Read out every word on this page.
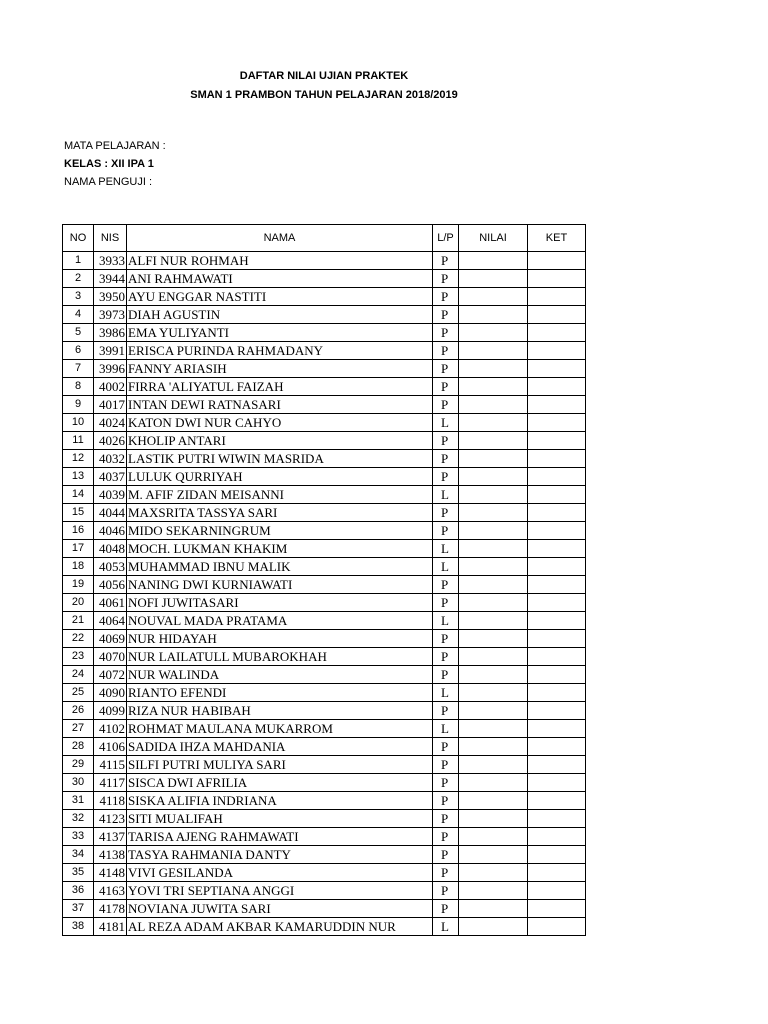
DAFTAR NILAI UJIAN PRAKTEK
SMAN 1 PRAMBON TAHUN PELAJARAN 2018/2019
MATA PELAJARAN :
KELAS : XII IPA 1
NAMA PENGUJI :
NO	NIS	NAMA	L/P	NILAI	KET
1	3933	ALFI NUR ROHMAH	P		
2	3944	ANI RAHMAWATI	P		
3	3950	AYU ENGGAR NASTITI	P		
4	3973	DIAH AGUSTIN	P		
5	3986	EMA YULIYANTI	P		
6	3991	ERISCA PURINDA RAHMADANY	P		
7	3996	FANNY ARIASIH	P		
8	4002	FIRRA 'ALIYATUL FAIZAH	P		
9	4017	INTAN DEWI RATNASARI	P		
10	4024	KATON DWI NUR CAHYO	L		
11	4026	KHOLIP ANTARI	P		
12	4032	LASTIK PUTRI WIWIN MASRIDA	P		
13	4037	LULUK QURRIYAH	P		
14	4039	M. AFIF ZIDAN MEISANNI	L		
15	4044	MAXSRITA TASSYA SARI	P		
16	4046	MIDO SEKARNINGRUM	P		
17	4048	MOCH. LUKMAN KHAKIM	L		
18	4053	MUHAMMAD IBNU MALIK	L		
19	4056	NANING DWI KURNIAWATI	P		
20	4061	NOFI JUWITASARI	P		
21	4064	NOUVAL MADA PRATAMA	L		
22	4069	NUR HIDAYAH	P		
23	4070	NUR LAILATULL MUBAROKHAH	P		
24	4072	NUR WALINDA	P		
25	4090	RIANTO EFENDI	L		
26	4099	RIZA NUR HABIBAH	P		
27	4102	ROHMAT MAULANA MUKARROM	L		
28	4106	SADIDA IHZA MAHDANIA	P		
29	4115	SILFI PUTRI MULIYA SARI	P		
30	4117	SISCA DWI AFRILIA	P		
31	4118	SISKA ALIFIA INDRIANA	P		
32	4123	SITI MUALIFAH	P		
33	4137	TARISA AJENG RAHMAWATI	P		
34	4138	TASYA RAHMANIA DANTY	P		
35	4148	VIVI GESILANDA	P		
36	4163	YOVI TRI SEPTIANA ANGGI	P		
37	4178	NOVIANA JUWITA SARI	P		
38	4181	AL REZA ADAM AKBAR KAMARUDDIN NUR	L		
